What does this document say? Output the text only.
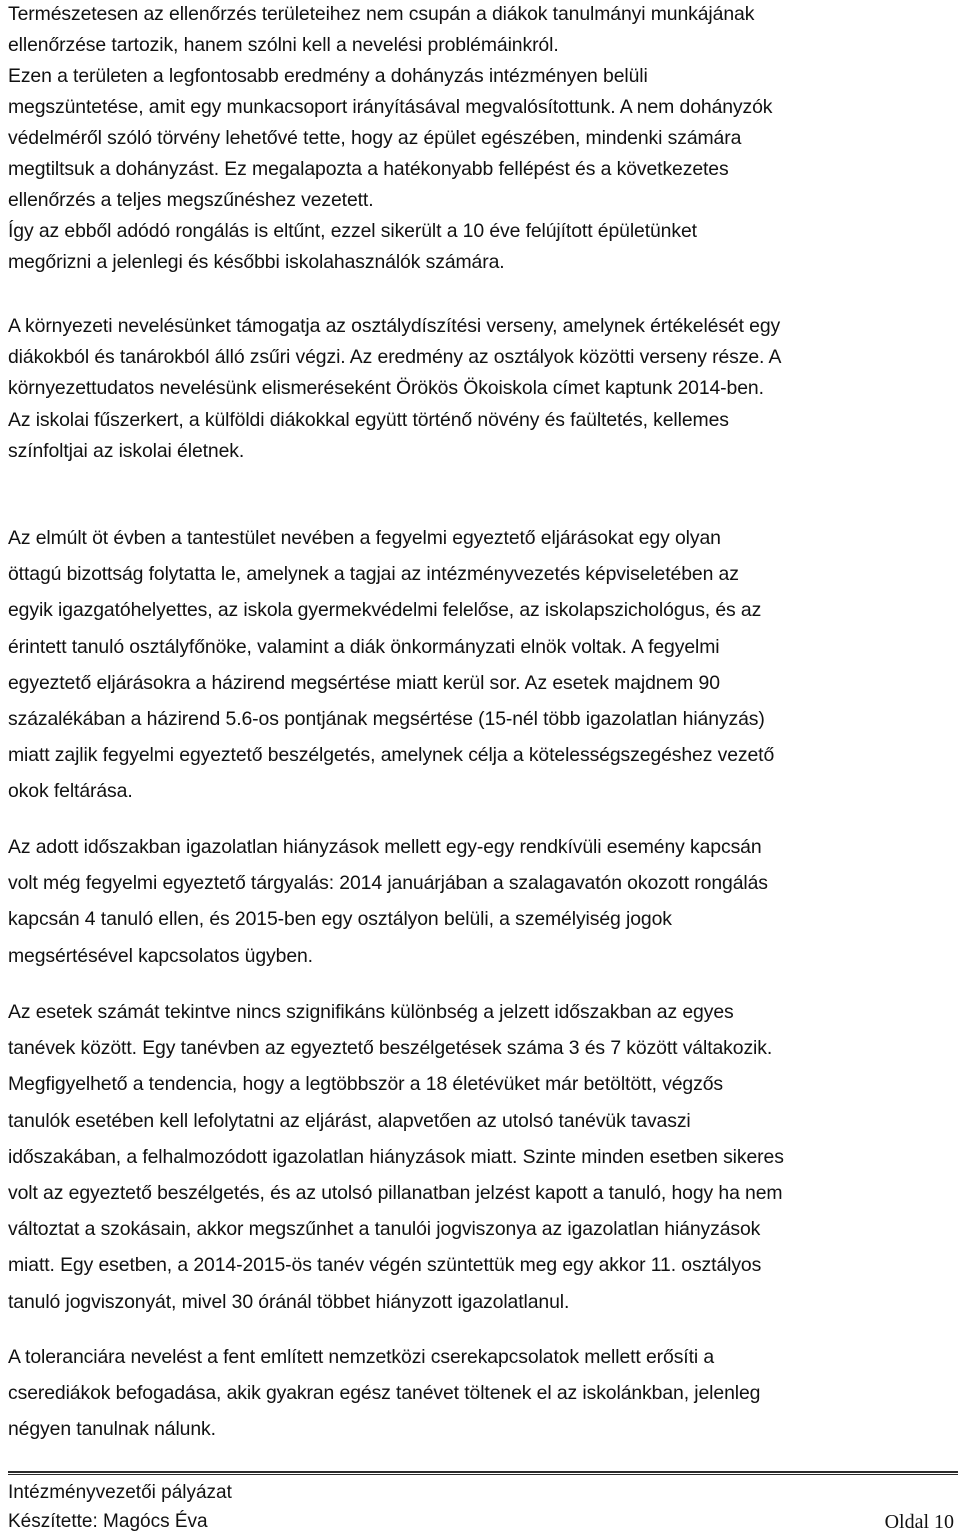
Természetesen az ellenőrzés területeihez nem csupán a diákok tanulmányi munkájának
ellenőrzése tartozik, hanem szólni kell a nevelési problémáinkról.
Ezen a területen a legfontosabb eredmény a dohányzás intézményen belüli
megszüntetése, amit egy munkacsoport irányításával megvalósítottunk. A nem dohányzók
védelméről szóló törvény lehetővé tette, hogy az épület egészében, mindenki számára
megtiltsuk a dohányzást. Ez megalapozta a hatékonyabb fellépést és a következetes
ellenőrzés a teljes megszűnéshez vezetett.
Így az ebből adódó rongálás is eltűnt, ezzel sikerült a 10 éve felújított épületünket
megőrizni a jelenlegi és későbbi iskolahasználók számára.

A környezeti nevelésünket támogatja az osztálydíszítési verseny, amelynek értékelését egy
diákokból és tanárokból álló zsűri végzi. Az eredmény az osztályok közötti verseny része. A
környezettudatos nevelésünk elismeréseként Örökös Ökoiskola címet kaptunk 2014-ben.
Az iskolai fűszerkert, a külföldi diákokkal együtt történő növény és faültetés, kellemes
színfoltjai az iskolai életnek.

Az elmúlt öt évben a tantestület nevében a fegyelmi egyeztető eljárásokat egy olyan
öttagú bizottság folytatta le, amelynek a tagjai az intézményvezetés képviseletében az
egyik igazgatóhelyettes, az iskola gyermekvédelmi felelőse, az iskolapszichológus, és az
érintett tanuló osztályfőnöke, valamint a diák önkormányzati elnök voltak. A fegyelmi
egyeztető eljárásokra a házirend megsértése miatt kerül sor. Az esetek majdnem 90
százalékában a házirend 5.6-os pontjának megsértése (15-nél több igazolatlan hiányzás)
miatt zajlik fegyelmi egyeztető beszélgetés, amelynek célja a kötelességszegéshez vezető
okok feltárása.

Az adott időszakban igazolatlan hiányzások mellett egy-egy rendkívüli esemény kapcsán
volt még fegyelmi egyeztető tárgyalás: 2014 januárjában a szalagavatón okozott rongálás
kapcsán 4 tanuló ellen, és 2015-ben egy osztályon belüli, a személyiség jogok
megsértésével kapcsolatos ügyben.

Az esetek számát tekintve nincs szignifikáns különbség a jelzett időszakban az egyes
tanévek között. Egy tanévben az egyeztető beszélgetések száma 3 és 7 között váltakozik.
Megfigyelhető a tendencia, hogy a legtöbbször a 18 életévüket már betöltött, végzős
tanulók esetében kell lefolytatni az eljárást, alapvetően az utolsó tanévük tavaszi
időszakában, a felhalmozódott igazolatlan hiányzások miatt. Szinte minden esetben sikeres
volt az egyeztető beszélgetés, és az utolsó pillanatban jelzést kapott a tanuló, hogy ha nem
változtat a szokásain, akkor megszűnhet a tanulói jogviszonya az igazolatlan hiányzások
miatt. Egy esetben, a 2014-2015-ös tanév végén szüntettük meg egy akkor 11. osztályos
tanuló jogviszonyát, mivel 30 óránál többet hiányzott igazolatlanul.

A toleranciára nevelést a fent említett nemzetközi cserekapcsolatok mellett erősíti a
cserediákok befogadása, akik gyakran egész tanévet töltenek el az iskolánkban, jelenleg
négyen tanulnak nálunk.

Intézményvezetői pályázat
Készítette: Magócs Éva	Oldal 10
